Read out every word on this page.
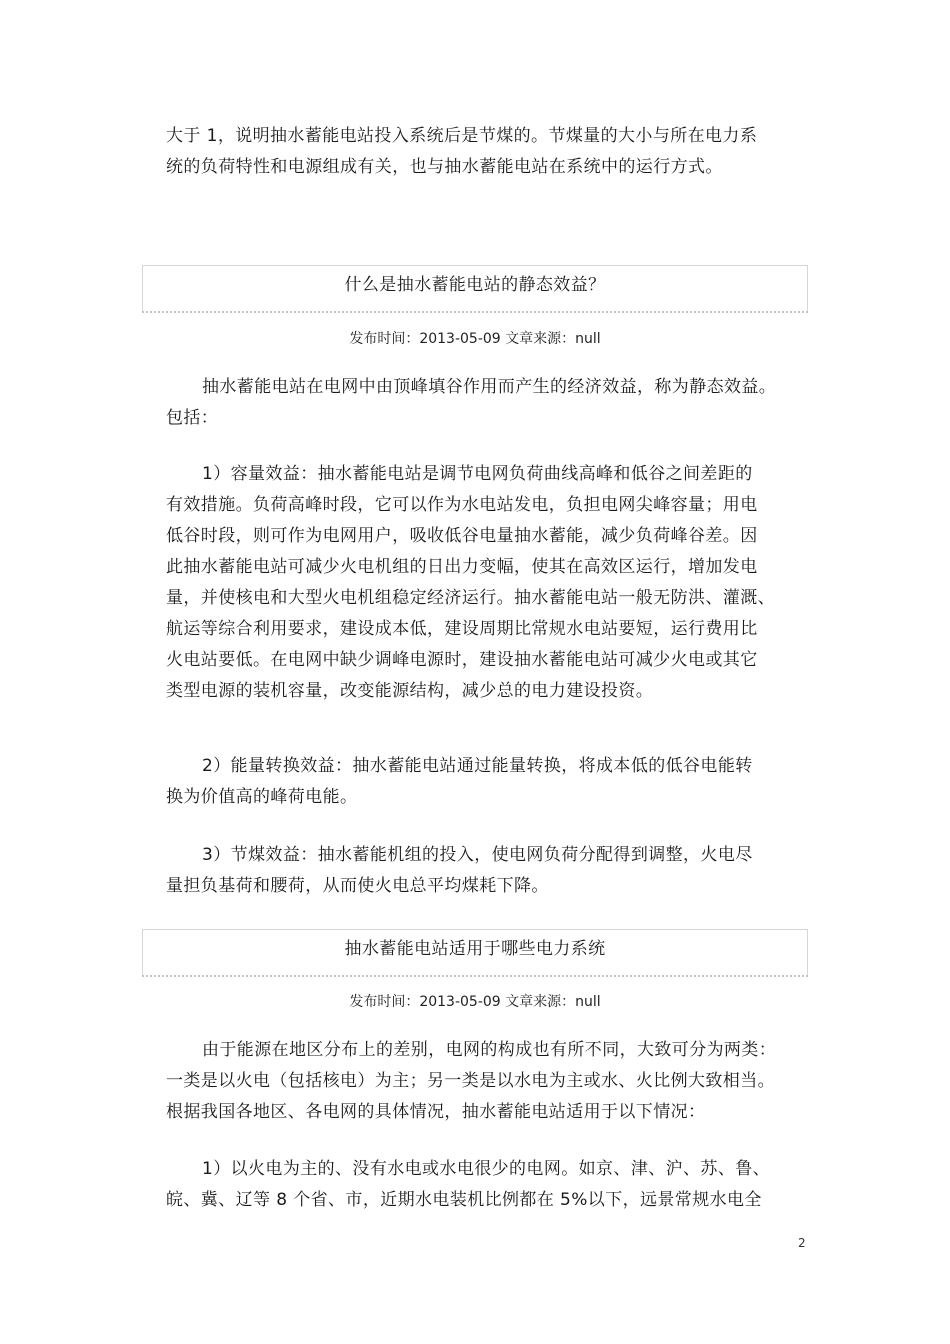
大于 1，说明抽水蓄能电站投入系统后是节煤的。节煤量的大小与所在电力系
统的负荷特性和电源组成有关，也与抽水蓄能电站在系统中的运行方式。
什么是抽水蓄能电站的静态效益？
发布时间：2013-05-09 文章来源：null
抽水蓄能电站在电网中由顶峰填谷作用而产生的经济效益，称为静态效益。
包括：
1）容量效益：抽水蓄能电站是调节电网负荷曲线高峰和低谷之间差距的
有效措施。负荷高峰时段，它可以作为水电站发电，负担电网尖峰容量；用电
低谷时段，则可作为电网用户，吸收低谷电量抽水蓄能，减少负荷峰谷差。因
此抽水蓄能电站可减少火电机组的日出力变幅，使其在高效区运行，增加发电
量，并使核电和大型火电机组稳定经济运行。抽水蓄能电站一般无防洪、灌溉、
航运等综合利用要求，建设成本低，建设周期比常规水电站要短，运行费用比
火电站要低。在电网中缺少调峰电源时，建设抽水蓄能电站可减少火电或其它
类型电源的装机容量，改变能源结构，减少总的电力建设投资。
2）能量转换效益：抽水蓄能电站通过能量转换，将成本低的低谷电能转
换为价值高的峰荷电能。
3）节煤效益：抽水蓄能机组的投入，使电网负荷分配得到调整，火电尽
量担负基荷和腰荷，从而使火电总平均煤耗下降。
抽水蓄能电站适用于哪些电力系统
发布时间：2013-05-09 文章来源：null
由于能源在地区分布上的差别，电网的构成也有所不同，大致可分为两类：
一类是以火电（包括核电）为主；另一类是以水电为主或水、火比例大致相当。
根据我国各地区、各电网的具体情况，抽水蓄能电站适用于以下情况：
1）以火电为主的、没有水电或水电很少的电网。如京、津、沪、苏、鲁、
皖、冀、辽等 8 个省、市，近期水电装机比例都在 5%以下，远景常规水电全
2
